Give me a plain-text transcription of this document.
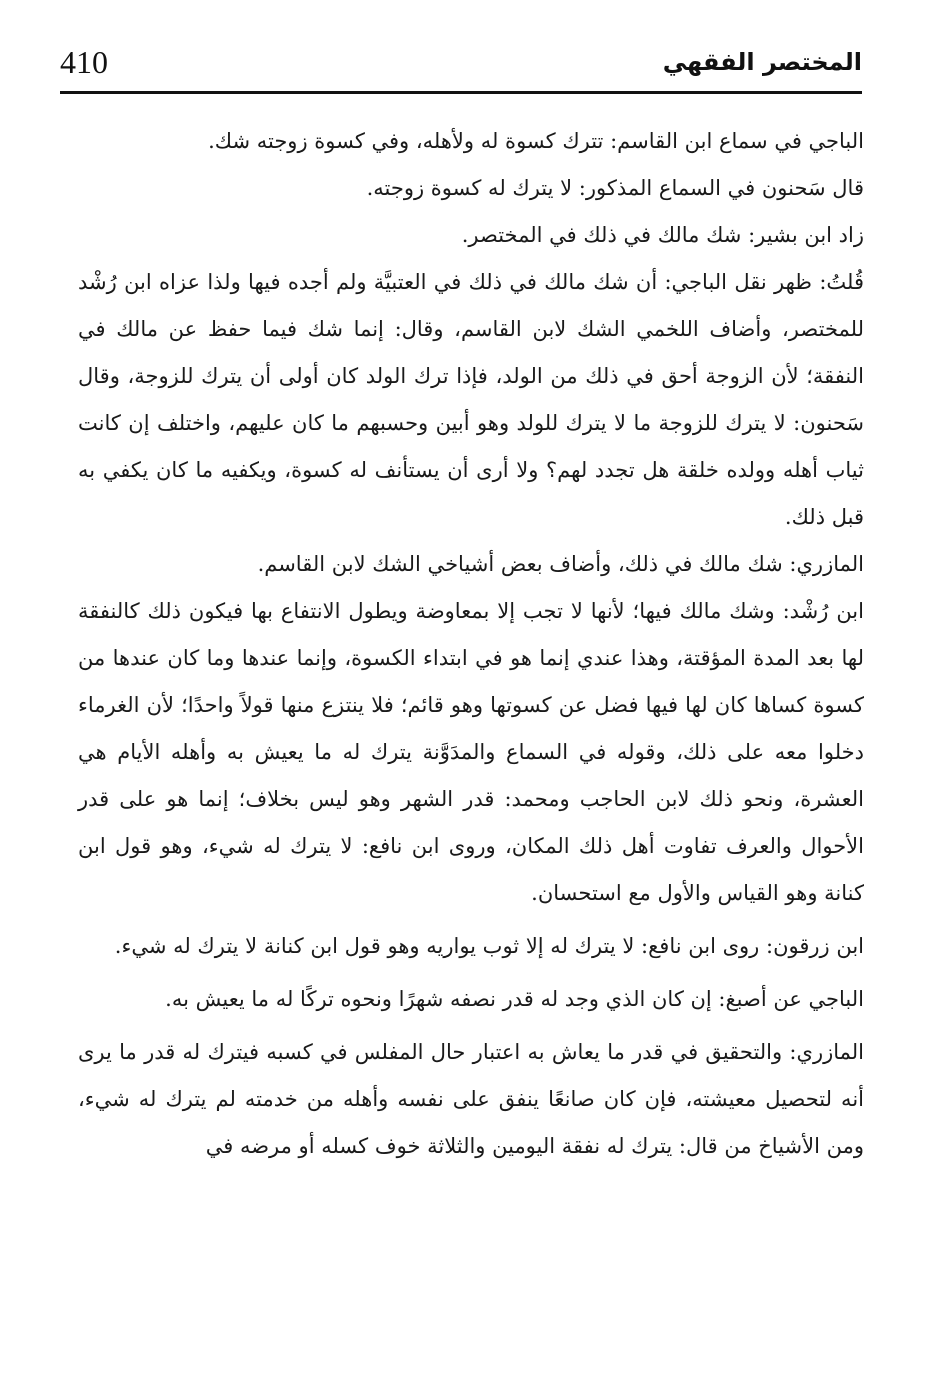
410	المختصر الفقهي

الباجي في سماع ابن القاسم: تترك كسوة له ولأهله، وفي كسوة زوجته شك.

قال سَحنون في السماع المذكور: لا يترك له كسوة زوجته.

زاد ابن بشير: شك مالك في ذلك في المختصر.

قُلتُ: ظهر نقل الباجي: أن شك مالك في ذلك في العتبيَّة ولم أجده فيها ولذا عزاه ابن رُشْد للمختصر، وأضاف اللخمي الشك لابن القاسم، وقال: إنما شك فيما حفظ عن مالك في النفقة؛ لأن الزوجة أحق في ذلك من الولد، فإذا ترك الولد كان أولى أن يترك للزوجة، وقال سَحنون: لا يترك للزوجة ما لا يترك للولد وهو أبين وحسبهم ما كان عليهم، واختلف إن كانت ثياب أهله وولده خلقة هل تجدد لهم؟ ولا أرى أن يستأنف له كسوة، ويكفيه ما كان يكفي به قبل ذلك.

المازري: شك مالك في ذلك، وأضاف بعض أشياخي الشك لابن القاسم.

ابن رُشْد: وشك مالك فيها؛ لأنها لا تجب إلا بمعاوضة ويطول الانتفاع بها فيكون ذلك كالنفقة لها بعد المدة المؤقتة، وهذا عندي إنما هو في ابتداء الكسوة، وإنما عندها وما كان عندها من كسوة كساها كان لها فيها فضل عن كسوتها وهو قائم؛ فلا ينتزع منها قولاً واحدًا؛ لأن الغرماء دخلوا معه على ذلك، وقوله في السماع والمدَوَّنة يترك له ما يعيش به وأهله الأيام هي العشرة، ونحو ذلك لابن الحاجب ومحمد: قدر الشهر وهو ليس بخلاف؛ إنما هو على قدر الأحوال والعرف تفاوت أهل ذلك المكان، وروى ابن نافع: لا يترك له شيء، وهو قول ابن كنانة وهو القياس والأول مع استحسان.

ابن زرقون: روى ابن نافع: لا يترك له إلا ثوب يواريه وهو قول ابن كنانة لا يترك له شيء.

الباجي عن أصبغ: إن كان الذي وجد له قدر نصفه شهرًا ونحوه تركًا له ما يعيش به.

المازري: والتحقيق في قدر ما يعاش به اعتبار حال المفلس في كسبه فيترك له قدر ما يرى أنه لتحصيل معيشته، فإن كان صانعًا ينفق على نفسه وأهله من خدمته لم يترك له شيء، ومن الأشياخ من قال: يترك له نفقة اليومين والثلاثة خوف كسله أو مرضه في
